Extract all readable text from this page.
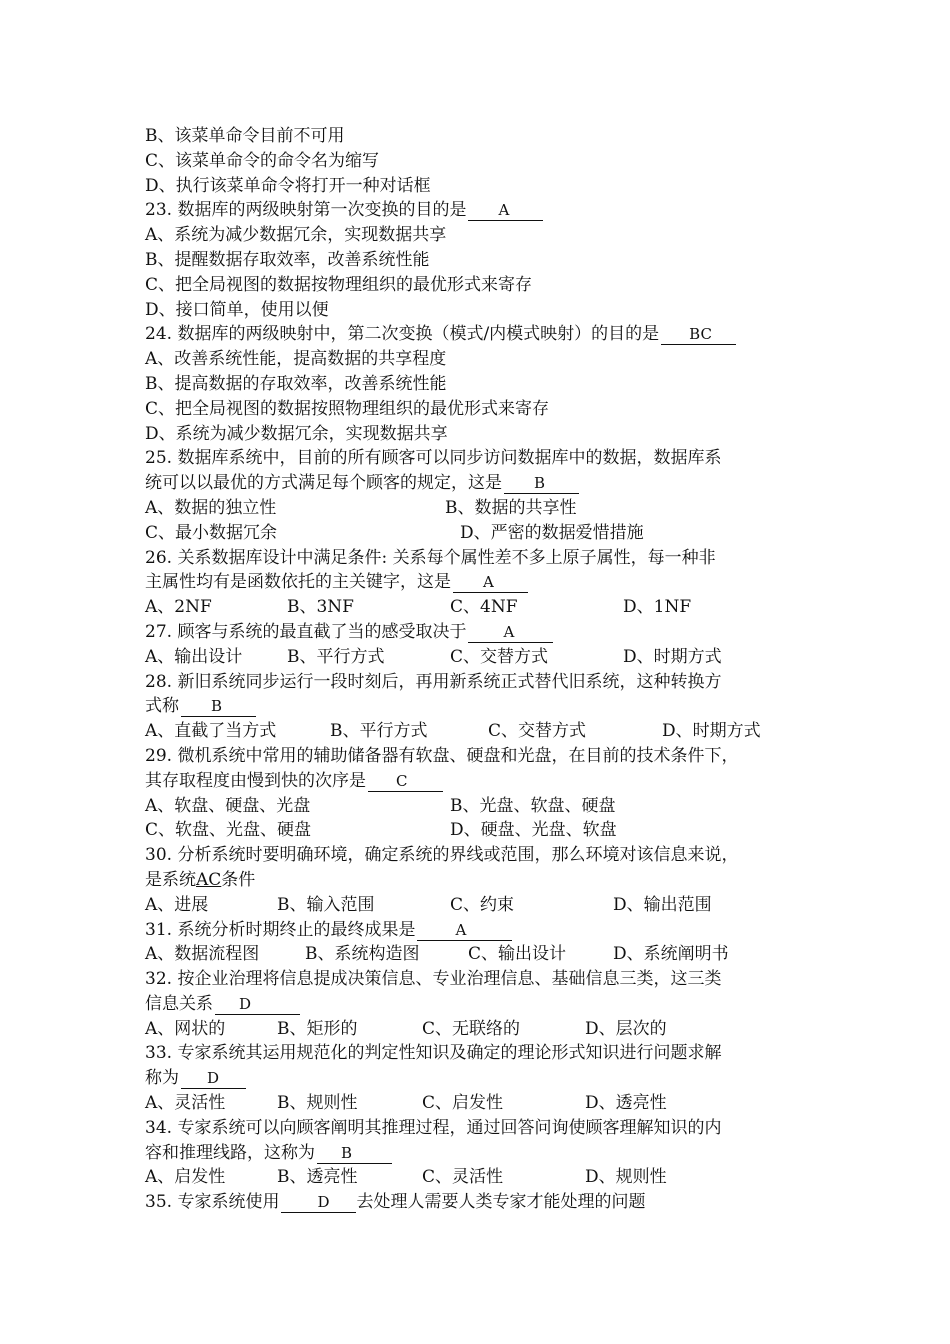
B、该菜单命令目前不可用
C、该菜单命令的命令名为缩写
D、执行该菜单命令将打开一种对话框
23. 数据库的两级映射第一次变换的目的是 A
A、系统为减少数据冗余，实现数据共享
B、提醒数据存取效率，改善系统性能
C、把全局视图的数据按物理组织的最优形式来寄存
D、接口简单，使用以便
24. 数据库的两级映射中，第二次变换（模式/内模式映射）的目的是 BC
A、改善系统性能，提高数据的共享程度
B、提高数据的存取效率，改善系统性能
C、把全局视图的数据按照物理组织的最优形式来寄存
D、系统为减少数据冗余，实现数据共享
25. 数据库系统中，目前的所有顾客可以同步访问数据库中的数据，数据库系
统可以以最优的方式满足每个顾客的规定，这是 B
A、数据的独立性	B、数据的共享性
C、最小数据冗余	D、严密的数据爱惜措施
26. 关系数据库设计中满足条件: 关系每个属性差不多上原子属性，每一种非
主属性均有是函数依托的主关键字，这是 A
A、2NF	B、3NF	C、4NF	D、1NF
27. 顾客与系统的最直截了当的感受取决于 A
A、输出设计	B、平行方式	C、交替方式	D、时期方式
28. 新旧系统同步运行一段时刻后，再用新系统正式替代旧系统，这种转换方
式称 B
A、直截了当方式	B、平行方式	C、交替方式	D、时期方式
29. 微机系统中常用的辅助储备器有软盘、硬盘和光盘，在目前的技术条件下，
其存取程度由慢到快的次序是 C
A、软盘、硬盘、光盘	B、光盘、软盘、硬盘
C、软盘、光盘、硬盘	D、硬盘、光盘、软盘
30. 分析系统时要明确环境，确定系统的界线或范围，那么环境对该信息来说，
是系统AC条件
A、进展	B、输入范围	C、约束	D、输出范围
31. 系统分析时期终止的最终成果是	A
A、数据流程图	B、系统构造图	C、输出设计	D、系统阐明书
32. 按企业治理将信息提成决策信息、专业治理信息、基础信息三类，这三类
信息关系 D
A、网状的	B、矩形的	C、无联络的	D、层次的
33. 专家系统其运用规范化的判定性知识及确定的理论形式知识进行问题求解
称为 D
A、灵活性	B、规则性	C、启发性	D、透亮性
34. 专家系统可以向顾客阐明其推理过程，通过回答问询使顾客理解知识的内
容和推理线路，这称为 B
A、启发性	B、透亮性	C、灵活性	D、规则性
35. 专家系统使用	D 去处理人需要人类专家才能处理的问题
